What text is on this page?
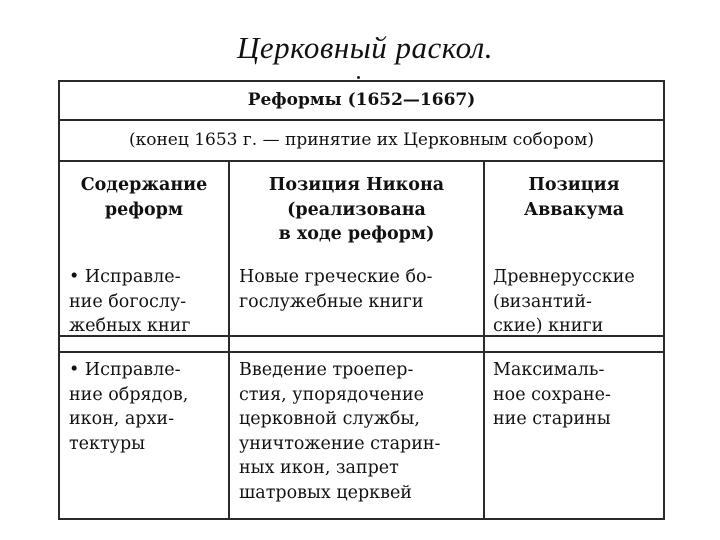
Церковный раскол.
Реформы (1652—1667)
(конец 1653 г. — принятие их Церковным собором)
Содержание
реформ
Позиция Никона
(реализована
в ходе реформ)
Позиция
Аввакума
• Исправле-
ние богослу-
жебных книг
Новые греческие бо-
гослужебные книги
Древнерусские
(византий-
ские) книги
• Исправле-
ние обрядов,
икон, архи-
тектуры
Введение троепер-
стия, упорядочение
церковной службы,
уничтожение старин-
ных икон, запрет
шатровых церквей
Максималь-
ное сохране-
ние старины
